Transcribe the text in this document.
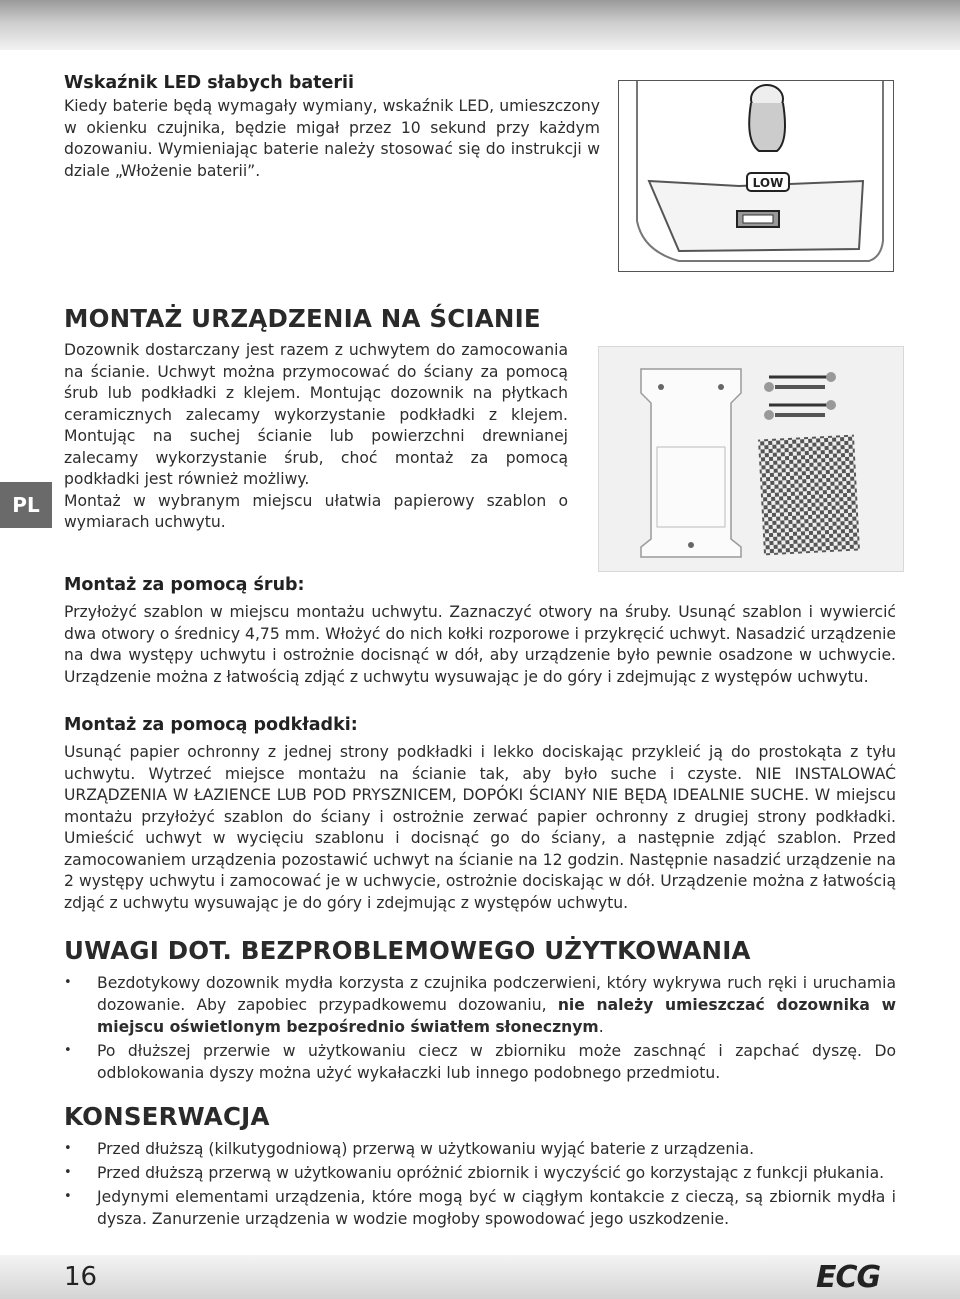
PL
Wskaźnik LED słabych baterii

Kiedy baterie będą wymagały wymiany, wskaźnik LED, umieszczony w okienku czujnika, będzie migał przez 10 sekund przy każdym dozowaniu. Wymieniając baterie należy stosować się do instrukcji w dziale „Włożenie baterii”.

LOW
MONTAŻ URZĄDZENIA NA ŚCIANIE

Dozownik dostarczany jest razem z uchwytem do zamocowania na ścianie. Uchwyt można przymocować do ściany za pomocą śrub lub podkładki z klejem. Montując dozownik na płytkach ceramicznych zalecamy wykorzystanie podkładki z klejem. Montując na suchej ścianie lub powierzchni drewnianej zalecamy wykorzystanie śrub, choć montaż za pomocą podkładki jest również możliwy.

Montaż w wybranym miejscu ułatwia papierowy szablon o wymiarach uchwytu.

Montaż za pomocą śrub:

Przyłożyć szablon w miejscu montażu uchwytu. Zaznaczyć otwory na śruby. Usunąć szablon i wywiercić dwa otwory o średnicy 4,75 mm. Włożyć do nich kołki rozporowe i przykręcić uchwyt. Nasadzić urządzenie na dwa występy uchwytu i ostrożnie docisnąć w dół, aby urządzenie było pewnie osadzone w uchwycie. Urządzenie można z łatwością zdjąć z uchwytu wysuwając je do góry i zdejmując z występów uchwytu.

Montaż za pomocą podkładki:

Usunąć papier ochronny z jednej strony podkładki i lekko dociskając przykleić ją do prostokąta z tyłu uchwytu. Wytrzeć miejsce montażu na ścianie tak, aby było suche i czyste. NIE INSTALOWAĆ URZĄDZENIA W ŁAZIENCE LUB POD PRYSZNICEM, DOPÓKI ŚCIANY NIE BĘDĄ IDEALNIE SUCHE. W miejscu montażu przyłożyć szablon do ściany i ostrożnie zerwać papier ochronny z drugiej strony podkładki. Umieścić uchwyt w wycięciu szablonu i docisnąć go do ściany, a następnie zdjąć szablon. Przed zamocowaniem urządzenia pozostawić uchwyt na ścianie na 12 godzin. Następnie nasadzić urządzenie na 2 występy uchwytu i zamocować je w uchwycie, ostrożnie dociskając w dół. Urządzenie można z łatwością zdjąć z uchwytu wysuwając je do góry i zdejmując z występów uchwytu.

UWAGI DOT. BEZPROBLEMOWEGO UŻYTKOWANIA
• Bezdotykowy dozownik mydła korzysta z czujnika podczerwieni, który wykrywa ruch ręki i uruchamia dozowanie. Aby zapobiec przypadkowemu dozowaniu, nie należy umieszczać dozownika w miejscu oświetlonym bezpośrednio światłem słonecznym.
• Po dłuższej przerwie w użytkowaniu ciecz w zbiorniku może zaschnąć i zapchać dyszę. Do odblokowania dyszy można użyć wykałaczki lub innego podobnego przedmiotu.
KONSERWACJA
• Przed dłuższą (kilkutygodniową) przerwą w użytkowaniu wyjąć baterie z urządzenia.
• Przed dłuższą przerwą w użytkowaniu opróżnić zbiornik i wyczyścić go korzystając z funkcji płukania.
• Jedynymi elementami urządzenia, które mogą być w ciągłym kontakcie z cieczą, są zbiornik mydła i dysza. Zanurzenie urządzenia w wodzie mogłoby spowodować jego uszkodzenie.
16	ECG
